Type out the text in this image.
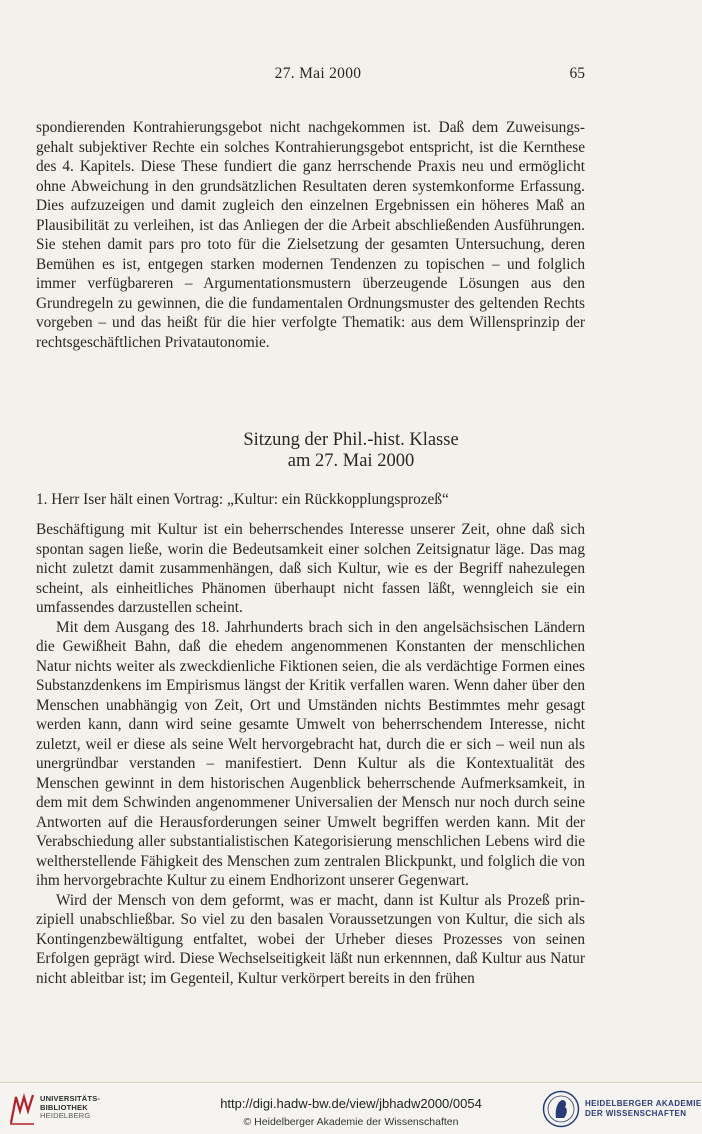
27. Mai 2000	65

spondierenden Kontrahierungsgebot nicht nachgekommen ist. Daß dem Zuweisungsgehalt subjektiver Rechte ein solches Kontrahierungsgebot entspricht, ist die Kernthese des 4. Kapitels. Diese These fundiert die ganz herrschende Praxis neu und ermöglicht ohne Abweichung in den grundsätzlichen Resultaten deren systemkonforme Erfassung. Dies aufzuzeigen und damit zugleich den einzelnen Ergebnissen ein höheres Maß an Plausibilität zu verleihen, ist das Anliegen der die Arbeit abschließenden Ausführungen. Sie stehen damit pars pro toto für die Zielsetzung der gesamten Untersuchung, deren Bemühen es ist, entgegen starken modernen Tendenzen zu topischen – und folglich immer verfügbareren – Argumentationsmustern überzeugende Lösungen aus den Grundregeln zu gewinnen, die die fundamentalen Ordnungsmuster des geltenden Rechts vorgeben – und das heißt für die hier verfolgte Thematik: aus dem Willensprinzip der rechtsgeschäftlichen Privatautonomie.

Sitzung der Phil.-hist. Klasse
am 27. Mai 2000
1. Herr Iser hält einen Vortrag: „Kultur: ein Rückkopplungsprozeß“

Beschäftigung mit Kultur ist ein beherrschendes Interesse unserer Zeit, ohne daß sich spontan sagen ließe, worin die Bedeutsamkeit einer solchen Zeitsignatur läge. Das mag nicht zuletzt damit zusammenhängen, daß sich Kultur, wie es der Begriff nahezulegen scheint, als einheitliches Phänomen überhaupt nicht fassen läßt, wenngleich sie ein umfassendes darzustellen scheint.

Mit dem Ausgang des 18. Jahrhunderts brach sich in den angelsächsischen Ländern die Gewißheit Bahn, daß die ehedem angenommenen Konstanten der menschlichen Natur nichts weiter als zweckdienliche Fiktionen seien, die als verdächtige Formen eines Substanzdenkens im Empirismus längst der Kritik verfallen waren. Wenn daher über den Menschen unabhängig von Zeit, Ort und Umständen nichts Bestimmtes mehr gesagt werden kann, dann wird seine gesamte Umwelt von beherrschendem Interesse, nicht zuletzt, weil er diese als seine Welt hervorgebracht hat, durch die er sich – weil nun als unergründbar verstanden – manifestiert. Denn Kultur als die Kontextualität des Menschen gewinnt in dem historischen Augenblick beherrschende Aufmerksamkeit, in dem mit dem Schwinden angenommener Universalien der Mensch nur noch durch seine Antworten auf die Herausforderungen seiner Umwelt begriffen werden kann. Mit der Verabschiedung aller substantialistischen Kategorisierung menschlichen Lebens wird die weltherstellende Fähigkeit des Menschen zum zentralen Blickpunkt, und folglich die von ihm hervorgebrachte Kultur zu einem Endhorizont unserer Gegenwart.

Wird der Mensch von dem geformt, was er macht, dann ist Kultur als Prozeß prinzipiell unabschließbar. So viel zu den basalen Voraussetzungen von Kultur, die sich als Kontingenzbewältigung entfaltet, wobei der Urheber dieses Prozesses von seinen Erfolgen geprägt wird. Diese Wechselseitigkeit läßt nun erkennnen, daß Kultur aus Natur nicht ableitbar ist; im Gegenteil, Kultur verkörpert bereits in den frühen

UNIVERSITÄTS-
BIBLIOTHEK
HEIDELBERG
http://digi.hadw-bw.de/view/jbhadw2000/0054
© Heidelberger Akademie der Wissenschaften
HEIDELBERGER AKADEMIE
DER WISSENSCHAFTEN
